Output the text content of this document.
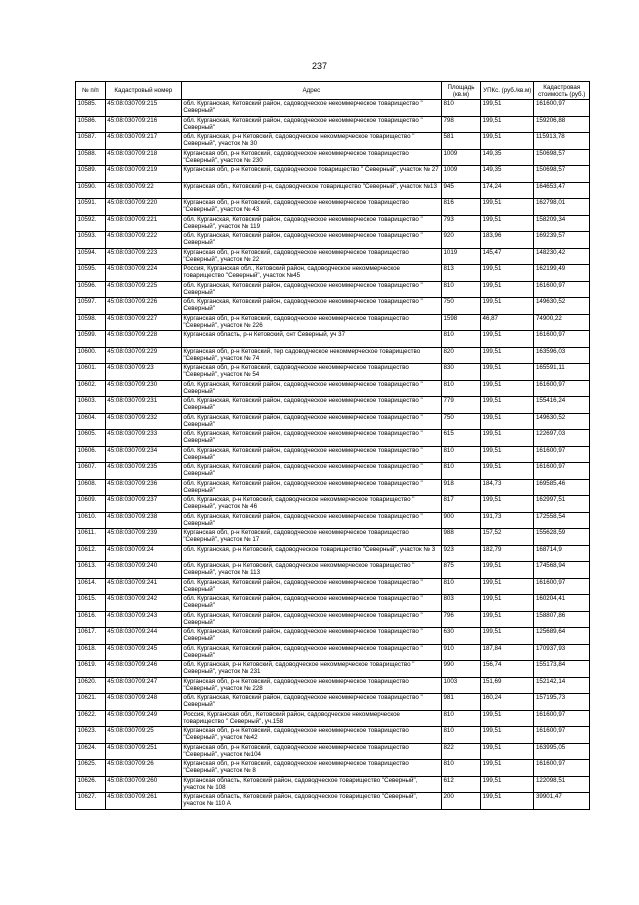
237
№ п/п	Кадастровый номер	Адрес	Площадь (кв.м)	УПКс. (руб./кв.м)	Кадастровая стоимость (руб.)
10585.	45:08:030709:215	обл. Курганская, Кетовский район, садоводческое некоммерческое товарищество " Северный"	810	199,51	161600,97
10586.	45:08:030709:216	обл. Курганская, Кетовский район, садоводческое некоммерческое товарищество " Северный"	798	199,51	159206,88
10587.	45:08:030709:217	обл. Курганская, р-н Кетовский, садоводческое некоммерческое товарищество " Северный", участок № 30	581	199,51	115913,78
10588.	45:08:030709:218	Курганская обл, р-н Кетовский, садоводческое некоммерческое товарищество "Северный", участок № 230	1009	149,35	150698,57
10589.	45:08:030709:219	Курганская обл, р-н Кетовский, садоводческое товарищество " Северный", участок № 27	1009	149,35	150698,57
10590.	45:08:030709:22	Курганская обл., Кетовский р-н, садоводческое товарищество "Северный", участок №13	945	174,24	164653,47
10591.	45:08:030709:220	Курганская обл, р-н Кетовский, садоводческое некоммерческое товарищество "Северный", участок № 43	816	199,51	162798,01
10592.	45:08:030709:221	обл. Курганская, Кетовский район, садоводческое некоммерческое товарищество " Северный", участок № 119	793	199,51	158209,34
10593.	45:08:030709:222	обл. Курганская, Кетовский район, садоводческое некоммерческое товарищество " Северный"	920	183,96	169239,57
10594.	45:08:030709:223	Курганская обл, р-н Кетовский, садоводческое некоммерческое товарищество "Северный", участок № 22	1019	145,47	148230,42
10595.	45:08:030709:224	Россия, Курганская обл., Кетовский район, садоводческое некоммерческое товарищество "Северный", участок №45	813	199,51	162199,49
10596.	45:08:030709:225	обл. Курганская, Кетовский район, садоводческое некоммерческое товарищество " Северный"	810	199,51	161600,97
10597.	45:08:030709:226	обл. Курганская, Кетовский район, садоводческое некоммерческое товарищество " Северный"	750	199,51	149630,52
10598.	45:08:030709:227	Курганская обл, р-н Кетовский, садоводческое некоммерческое товарищество "Северный", участок № 226	1598	46,87	74900,22
10599.	45:08:030709:228	Курганская область, р-н Кетовский, снт Северный, уч 37	810	199,51	161600,97
10600.	45:08:030709:229	Курганская обл, р-н Кетовский, тер садоводческое некоммерческое товарищество "Северный", участок № 74	820	199,51	163596,03
10601.	45:08:030709:23	Курганская обл, р-н Кетовский, садоводческое некоммерческое товарищество "Северный", участок № 54	830	199,51	165591,11
10602.	45:08:030709:230	обл. Курганская, Кетовский район, садоводческое некоммерческое товарищество " Северный"	810	199,51	161600,97
10603.	45:08:030709:231	обл. Курганская, Кетовский район, садоводческое некоммерческое товарищество " Северный"	779	199,51	155416,24
10604.	45:08:030709:232	обл. Курганская, Кетовский район, садоводческое некоммерческое товарищество " Северный"	750	199,51	149630,52
10605.	45:08:030709:233	обл. Курганская, Кетовский район, садоводческое некоммерческое товарищество " Северный"	615	199,51	122697,03
10606.	45:08:030709:234	обл. Курганская, Кетовский район, садоводческое некоммерческое товарищество " Северный"	810	199,51	161600,97
10607.	45:08:030709:235	обл. Курганская, Кетовский район, садоводческое некоммерческое товарищество " Северный"	810	199,51	161600,97
10608.	45:08:030709:236	обл. Курганская, Кетовский район, садоводческое некоммерческое товарищество " Северный"	918	184,73	169585,46
10609.	45:08:030709:237	обл. Курганская, р-н Кетовский, садоводческое некоммерческое товарищество " Северный", участок № 46	817	199,51	162997,51
10610.	45:08:030709:238	обл. Курганская, Кетовский район, садоводческое некоммерческое товарищество " Северный"	900	191,73	172558,54
10611.	45:08:030709:239	Курганская обл, р-н Кетовский, садоводческое некоммерческое товарищество "Северный", участок № 17	988	157,52	155628,59
10612.	45:08:030709:24	обл. Курганская, р-н Кетовский, садоводческое товарищество "Северный", участок № 3	923	182,79	168714,9
10613.	45:08:030709:240	обл. Курганская, р-н Кетовский, садоводческое некоммерческое товарищество " Северный", участок № 113	875	199,51	174568,94
10614.	45:08:030709:241	обл. Курганская, Кетовский район, садоводческое некоммерческое товарищество " Северный"	810	199,51	161600,97
10615.	45:08:030709:242	обл. Курганская, Кетовский район, садоводческое некоммерческое товарищество " Северный"	803	199,51	160204,41
10616.	45:08:030709:243	обл. Курганская, Кетовский район, садоводческое некоммерческое товарищество " Северный"	796	199,51	158807,86
10617.	45:08:030709:244	обл. Курганская, Кетовский район, садоводческое некоммерческое товарищество " Северный"	630	199,51	125689,64
10618.	45:08:030709:245	обл. Курганская, Кетовский район, садоводческое некоммерческое товарищество " Северный"	910	187,84	170937,93
10619.	45:08:030709:246	обл. Курганская, р-н Кетовский, садоводческое некоммерческое товарищество " Северный", участок № 231	990	156,74	155173,84
10620.	45:08:030709:247	Курганская обл, р-н Кетовский, садоводческое некоммерческое товарищество "Северный", участок № 228	1003	151,69	152142,14
10621.	45:08:030709:248	обл. Курганская, Кетовский район, садоводческое некоммерческое товарищество " Северный"	981	160,24	157195,73
10622.	45:08:030709:249	Россия, Курганская обл., Кетовский район, садоводческое некоммерческое товарищество " Северный", уч.158	810	199,51	161600,97
10623.	45:08:030709:25	Курганская обл, р-н Кетовский, садоводческое некоммерческое товарищество "Северный", участок №42	810	199,51	161600,97
10624.	45:08:030709:251	Курганская обл, р-н Кетовский, садоводческое некоммерческое товарищество "Северный", участок №104	822	199,51	163995,05
10625.	45:08:030709:26	Курганская обл, р-н Кетовский, садоводческое некоммерческое товарищество "Северный", участок № 8	810	199,51	161600,97
10626.	45:08:030709:260	Курганская область, Кетовский район, садоводческое товарищество "Северный", участок № 108	612	199,51	122098,51
10627.	45:08:030709:261	Курганская область, Кетовский район, садоводческое товарищество "Северный", участок № 110 А	200	199,51	39901,47
